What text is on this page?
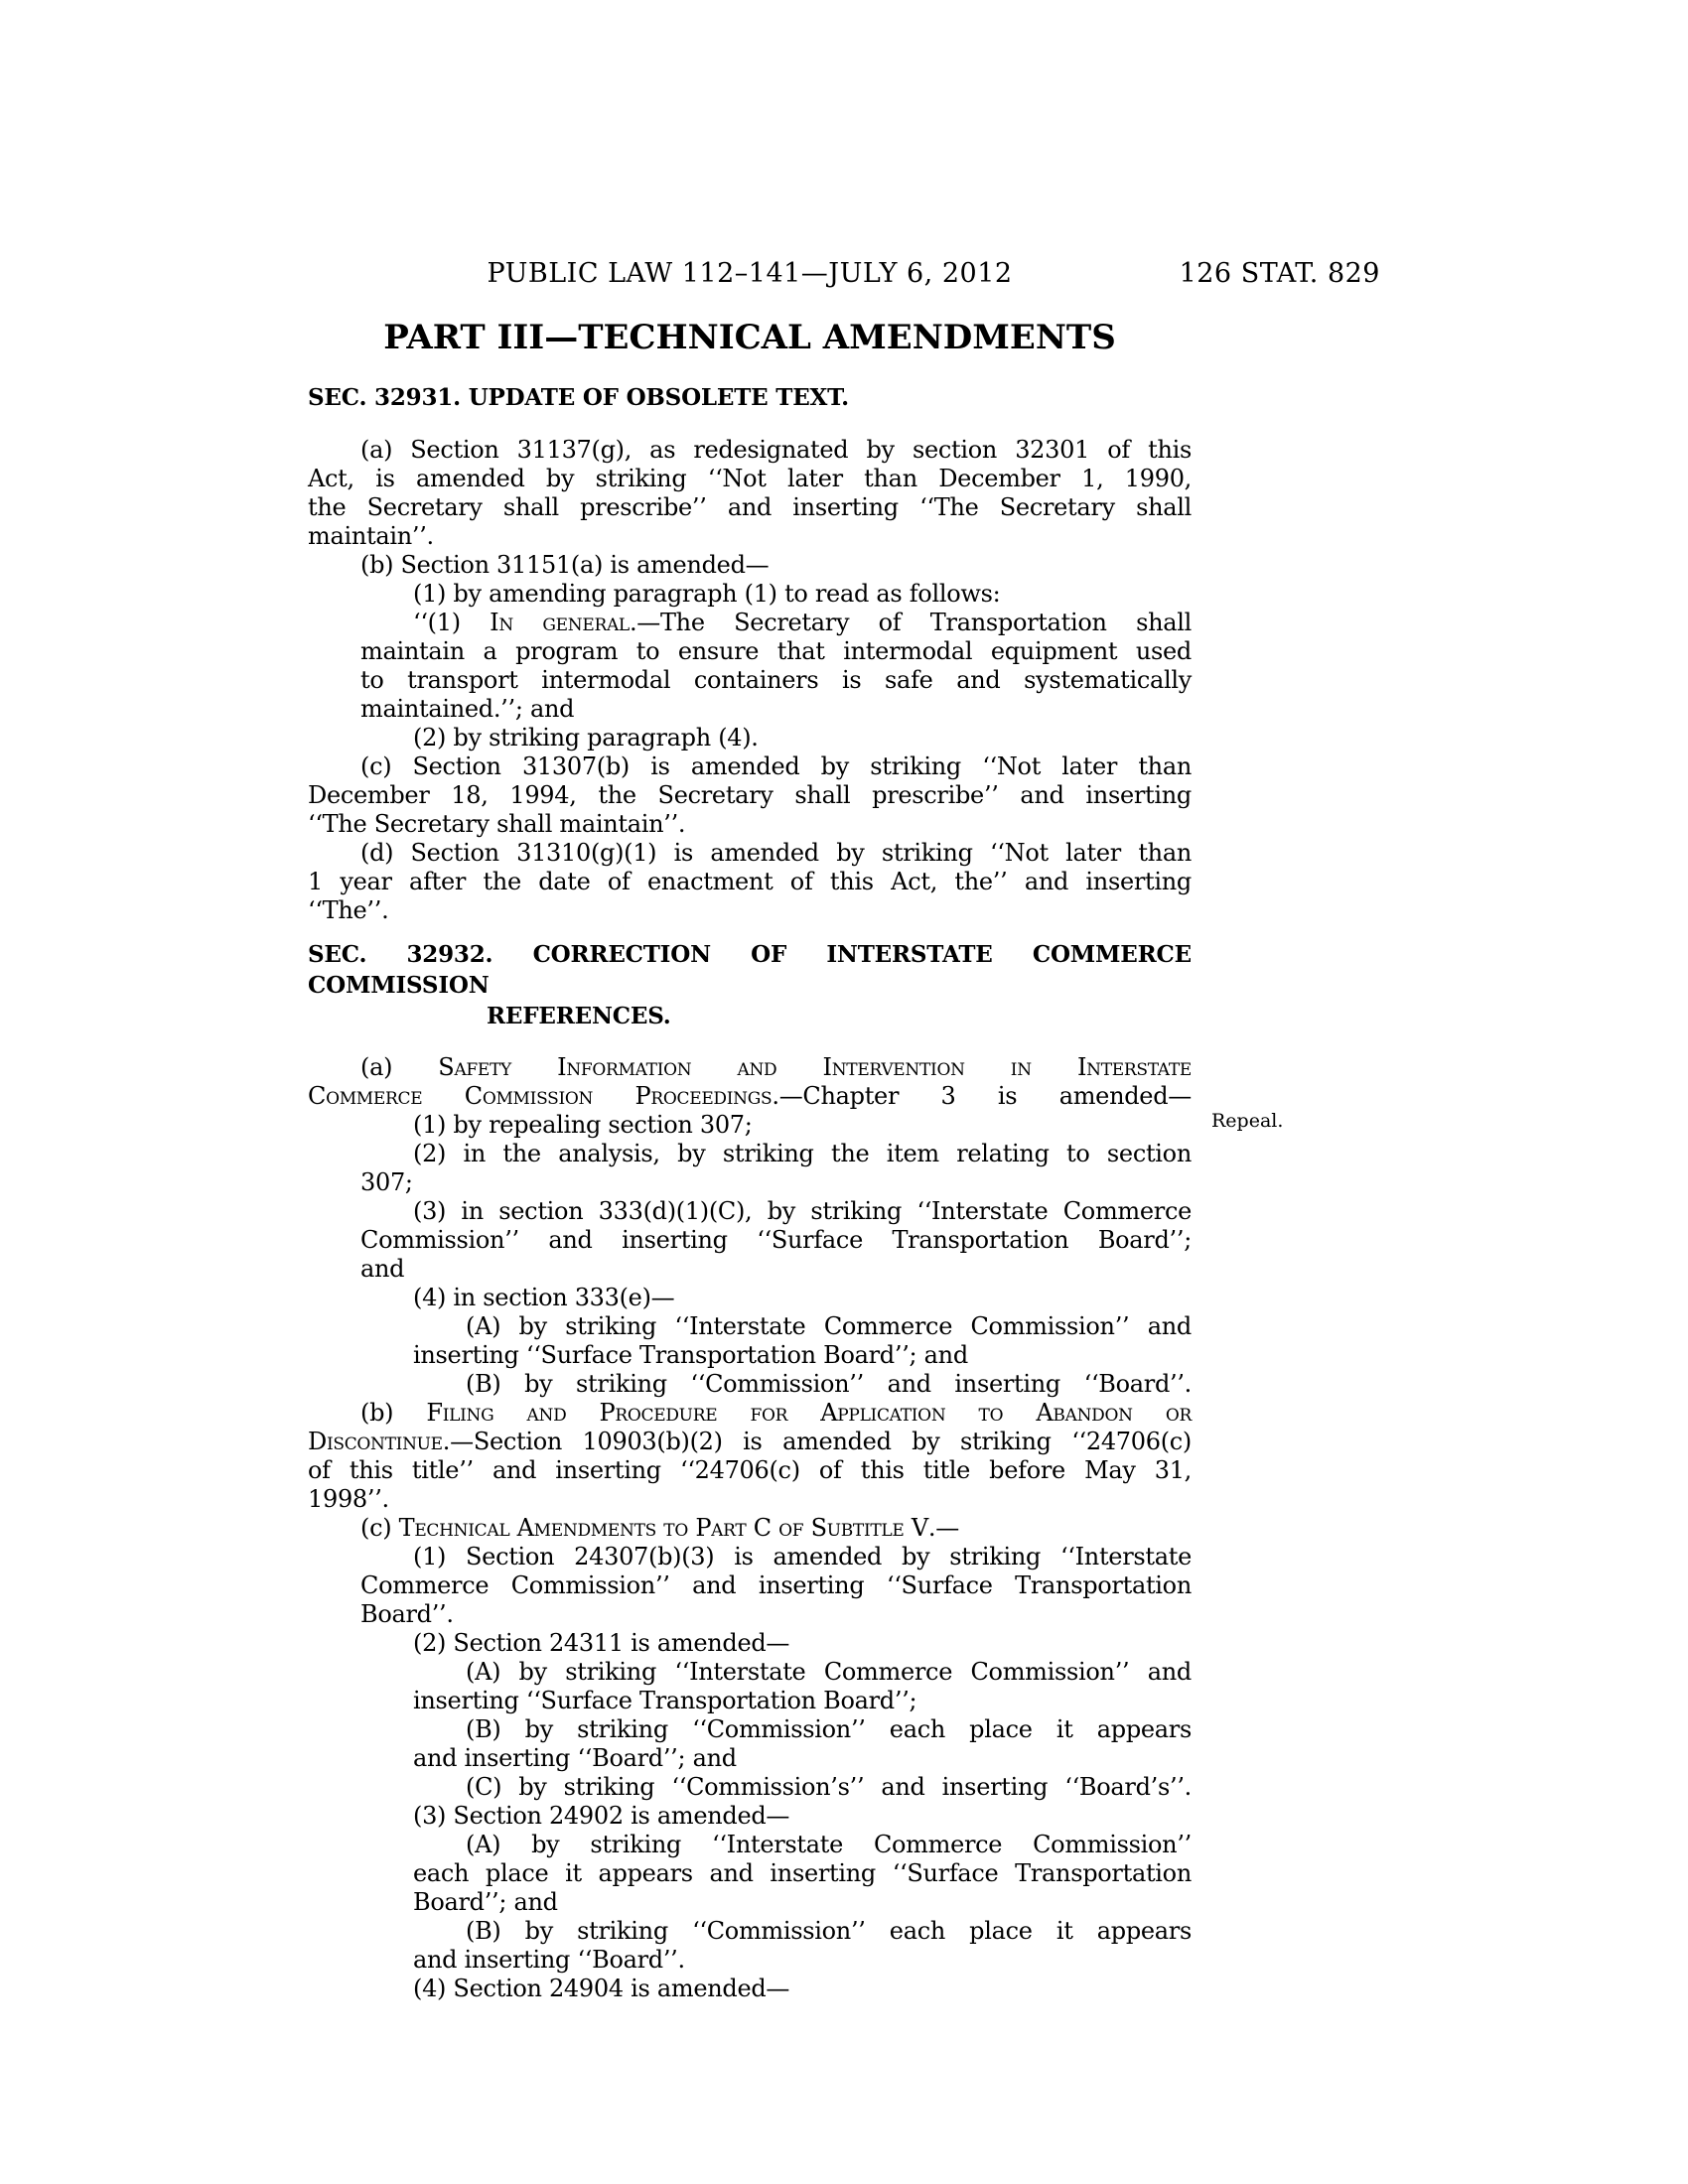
PUBLIC LAW 112–141—JULY 6, 2012	126 STAT. 829
PART III—TECHNICAL AMENDMENTS
SEC. 32931. UPDATE OF OBSOLETE TEXT.
(a) Section 31137(g), as redesignated by section 32301 of this
Act, is amended by striking ‘‘Not later than December 1, 1990,
the Secretary shall prescribe’’ and inserting ‘‘The Secretary shall
maintain’’.
(b) Section 31151(a) is amended—
(1) by amending paragraph (1) to read as follows:
‘‘(1) In general.—The Secretary of Transportation shall
maintain a program to ensure that intermodal equipment used
to transport intermodal containers is safe and systematically
maintained.’’; and
(2) by striking paragraph (4).
(c) Section 31307(b) is amended by striking ‘‘Not later than
December 18, 1994, the Secretary shall prescribe’’ and inserting
‘‘The Secretary shall maintain’’.
(d) Section 31310(g)(1) is amended by striking ‘‘Not later than
1 year after the date of enactment of this Act, the’’ and inserting
‘‘The’’.
SEC. 32932. CORRECTION OF INTERSTATE COMMERCE COMMISSION
REFERENCES.
(a) Safety Information and Intervention in Interstate
Commerce Commission Proceedings.—Chapter 3 is amended—
(1) by repealing section 307;	Repeal.
(2) in the analysis, by striking the item relating to section
307;
(3) in section 333(d)(1)(C), by striking ‘‘Interstate Commerce
Commission’’ and inserting ‘‘Surface Transportation Board’’;
and
(4) in section 333(e)—
(A) by striking ‘‘Interstate Commerce Commission’’ and
inserting ‘‘Surface Transportation Board’’; and
(B) by striking ‘‘Commission’’ and inserting ‘‘Board’’.
(b) Filing and Procedure for Application to Abandon or
Discontinue.—Section 10903(b)(2) is amended by striking ‘‘24706(c)
of this title’’ and inserting ‘‘24706(c) of this title before May 31,
1998’’.
(c) Technical Amendments to Part C of Subtitle V.—
(1) Section 24307(b)(3) is amended by striking ‘‘Interstate
Commerce Commission’’ and inserting ‘‘Surface Transportation
Board’’.
(2) Section 24311 is amended—
(A) by striking ‘‘Interstate Commerce Commission’’ and
inserting ‘‘Surface Transportation Board’’;
(B) by striking ‘‘Commission’’ each place it appears
and inserting ‘‘Board’’; and
(C) by striking ‘‘Commission’s’’ and inserting ‘‘Board’s’’.
(3) Section 24902 is amended—
(A) by striking ‘‘Interstate Commerce Commission’’
each place it appears and inserting ‘‘Surface Transportation
Board’’; and
(B) by striking ‘‘Commission’’ each place it appears
and inserting ‘‘Board’’.
(4) Section 24904 is amended—
